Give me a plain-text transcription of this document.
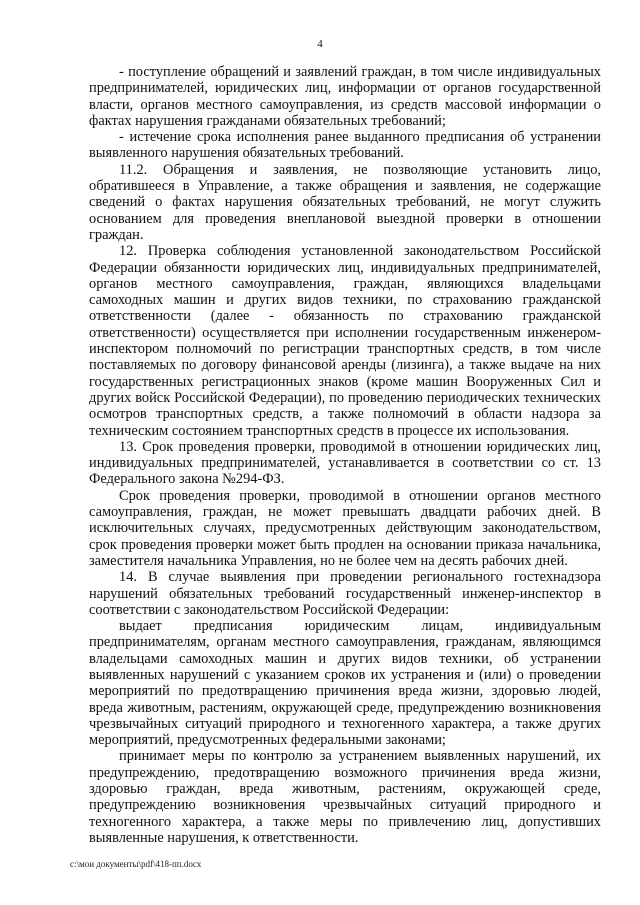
4

- поступление обращений и заявлений граждан, в том числе индивидуальных предпринимателей, юридических лиц, информации от органов государственной власти, органов местного самоуправления, из средств массовой информации о фактах нарушения гражданами обязательных требований;

- истечение срока исполнения ранее выданного предписания об устранении выявленного нарушения обязательных требований.

11.2. Обращения и заявления, не позволяющие установить лицо, обратившееся в Управление, а также обращения и заявления, не содержащие сведений о фактах нарушения обязательных требований, не могут служить основанием для проведения внеплановой выездной проверки в отношении граждан.

12. Проверка соблюдения установленной законодательством Российской Федерации обязанности юридических лиц, индивидуальных предпринимателей, органов местного самоуправления, граждан, являющихся владельцами самоходных машин и других видов техники, по страхованию гражданской ответственности (далее - обязанность по страхованию гражданской ответственности) осуществляется при исполнении государственным инженером-инспектором полномочий по регистрации транспортных средств, в том числе поставляемых по договору финансовой аренды (лизинга), а также выдаче на них государственных регистрационных знаков (кроме машин Вооруженных Сил и других войск Российской Федерации), по проведению периодических технических осмотров транспортных средств, а также полномочий в области надзора за техническим состоянием транспортных средств в процессе их использования.

13. Срок проведения проверки, проводимой в отношении юридических лиц, индивидуальных предпринимателей, устанавливается в соответствии со ст. 13 Федерального закона №294-ФЗ.

Срок проведения проверки, проводимой в отношении органов местного самоуправления, граждан, не может превышать двадцати рабочих дней. В исключительных случаях, предусмотренных действующим законодательством, срок проведения проверки может быть продлен на основании приказа начальника, заместителя начальника Управления, но не более чем на десять рабочих дней.

14. В случае выявления при проведении регионального гостехнадзора нарушений обязательных требований государственный инженер-инспектор в соответствии с законодательством Российской Федерации:

выдает предписания юридическим лицам, индивидуальным предпринимателям, органам местного самоуправления, гражданам, являющимся владельцами самоходных машин и других видов техники, об устранении выявленных нарушений с указанием сроков их устранения и (или) о проведении мероприятий по предотвращению причинения вреда жизни, здоровью людей, вреда животным, растениям, окружающей среде, предупреждению возникновения чрезвычайных ситуаций природного и техногенного характера, а также других мероприятий, предусмотренных федеральными законами;

принимает меры по контролю за устранением выявленных нарушений, их предупреждению, предотвращению возможного причинения вреда жизни, здоровью граждан, вреда животным, растениям, окружающей среде, предупреждению возникновения чрезвычайных ситуаций природного и техногенного характера, а также меры по привлечению лиц, допустивших выявленные нарушения, к ответственности.

c:\мои документы\pdf\418-пп.docx
